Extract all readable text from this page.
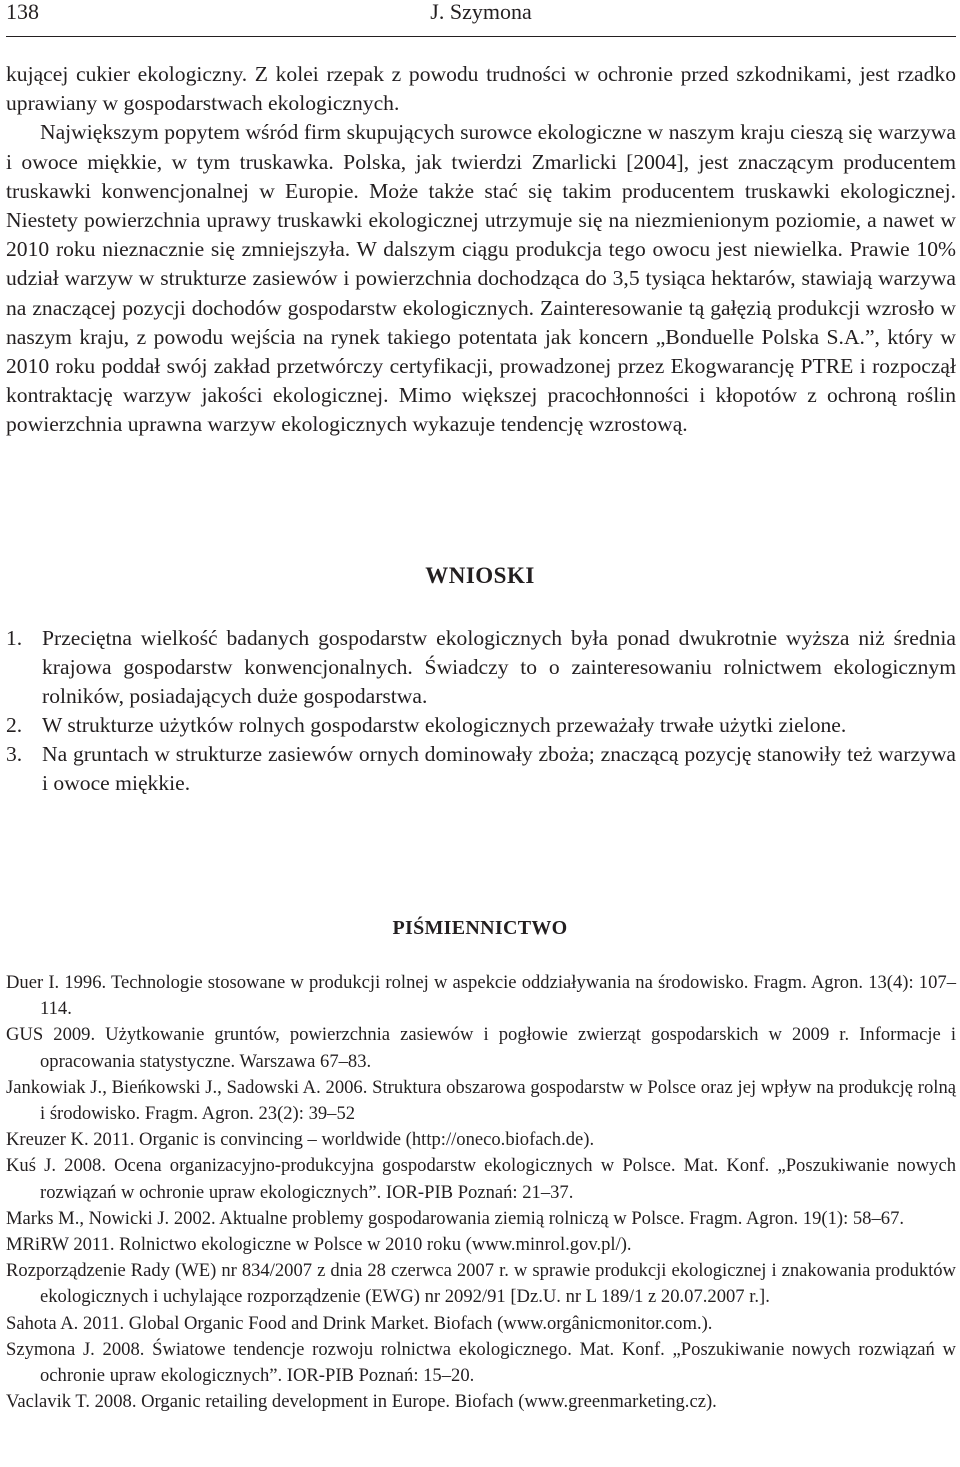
138	J. Szymona

kującej cukier ekologiczny. Z kolei rzepak z powodu trudności w ochronie przed szkodnikami, jest rzadko uprawiany w gospodarstwach ekologicznych.

Największym popytem wśród firm skupujących surowce ekologiczne w naszym kraju cieszą się warzywa i owoce miękkie, w tym truskawka. Polska, jak twierdzi Zmarlicki [2004], jest znaczącym producentem truskawki konwencjonalnej w Europie. Może także stać się takim producentem truskawki ekologicznej. Niestety powierzchnia uprawy truskawki ekologicznej utrzymuje się na niezmienionym poziomie, a nawet w 2010 roku nieznacznie się zmniejszyła. W dalszym ciągu produkcja tego owocu jest niewielka. Prawie 10% udział warzyw w strukturze zasiewów i powierzchnia dochodząca do 3,5 tysiąca hektarów, stawiają warzywa na znaczącej pozycji dochodów gospodarstw ekologicznych. Zainteresowanie tą gałęzią produkcji wzrosło w naszym kraju, z powodu wejścia na rynek takiego potentata jak koncern „Bonduelle Polska S.A.”, który w 2010 roku poddał swój zakład przetwórczy certyfikacji, prowadzonej przez Ekogwarancję PTRE i rozpoczął kontraktację warzyw jakości ekologicznej. Mimo większej pracochłonności i kłopotów z ochroną roślin powierzchnia uprawna warzyw ekologicznych wykazuje tendencję wzrostową.

WNIOSKI
1. Przeciętna wielkość badanych gospodarstw ekologicznych była ponad dwukrotnie wyższa niż średnia krajowa gospodarstw konwencjonalnych. Świadczy to o zainteresowaniu rolnictwem ekologicznym rolników, posiadających duże gospodarstwa.
2. W strukturze użytków rolnych gospodarstw ekologicznych przeważały trwałe użytki zielone.
3. Na gruntach w strukturze zasiewów ornych dominowały zboża; znaczącą pozycję stanowiły też warzywa i owoce miękkie.
PIŚMIENNICTWO
Duer I. 1996. Technologie stosowane w produkcji rolnej w aspekcie oddziaływania na środowisko. Fragm. Agron. 13(4): 107–114.
GUS 2009. Użytkowanie gruntów, powierzchnia zasiewów i pogłowie zwierząt gospodarskich w 2009 r. Informacje i opracowania statystyczne. Warszawa 67–83.
Jankowiak J., Bieńkowski J., Sadowski A. 2006. Struktura obszarowa gospodarstw w Polsce oraz jej wpływ na produkcję rolną i środowisko. Fragm. Agron. 23(2): 39–52
Kreuzer K. 2011. Organic is convincing – worldwide (http://oneco.biofach.de).
Kuś J. 2008. Ocena organizacyjno-produkcyjna gospodarstw ekologicznych w Polsce. Mat. Konf. „Poszukiwanie nowych rozwiązań w ochronie upraw ekologicznych”. IOR-PIB Poznań: 21–37.
Marks M., Nowicki J. 2002. Aktualne problemy gospodarowania ziemią rolniczą w Polsce. Fragm. Agron. 19(1): 58–67.
MRiRW 2011. Rolnictwo ekologiczne w Polsce w 2010 roku (www.minrol.gov.pl/).
Rozporządzenie Rady (WE) nr 834/2007 z dnia 28 czerwca 2007 r. w sprawie produkcji ekologicznej i znakowania produktów ekologicznych i uchylające rozporządzenie (EWG) nr 2092/91 [Dz.U. nr L 189/1 z 20.07.2007 r.].
Sahota A. 2011. Global Organic Food and Drink Market. Biofach (www.orgânicmonitor.com.).
Szymona J. 2008. Światowe tendencje rozwoju rolnictwa ekologicznego. Mat. Konf. „Poszukiwanie nowych rozwiązań w ochronie upraw ekologicznych”. IOR-PIB Poznań: 15–20.
Vaclavik T. 2008. Organic retailing development in Europe. Biofach (www.greenmarketing.cz).
